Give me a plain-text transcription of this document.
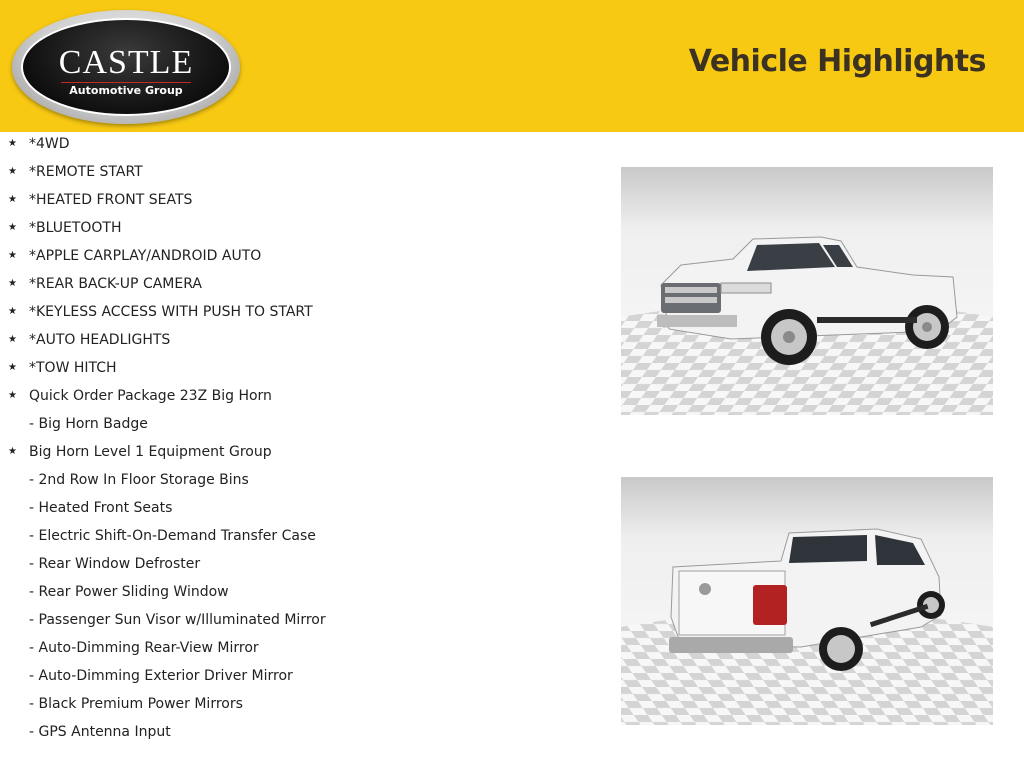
CASTLE
Automotive Group
Vehicle Highlights
★ *4WD
★ *REMOTE START
★ *HEATED FRONT SEATS
★ *BLUETOOTH
★ *APPLE CARPLAY/ANDROID AUTO
★ *REAR BACK-UP CAMERA
★ *KEYLESS ACCESS WITH PUSH TO START
★ *AUTO HEADLIGHTS
★ *TOW HITCH
★ Quick Order Package 23Z Big Horn
- Big Horn Badge
★ Big Horn Level 1 Equipment Group
- 2nd Row In Floor Storage Bins
- Heated Front Seats
- Electric Shift-On-Demand Transfer Case
- Rear Window Defroster
- Rear Power Sliding Window
- Passenger Sun Visor w/Illuminated Mirror
- Auto-Dimming Rear-View Mirror
- Auto-Dimming Exterior Driver Mirror
- Black Premium Power Mirrors
- GPS Antenna Input
